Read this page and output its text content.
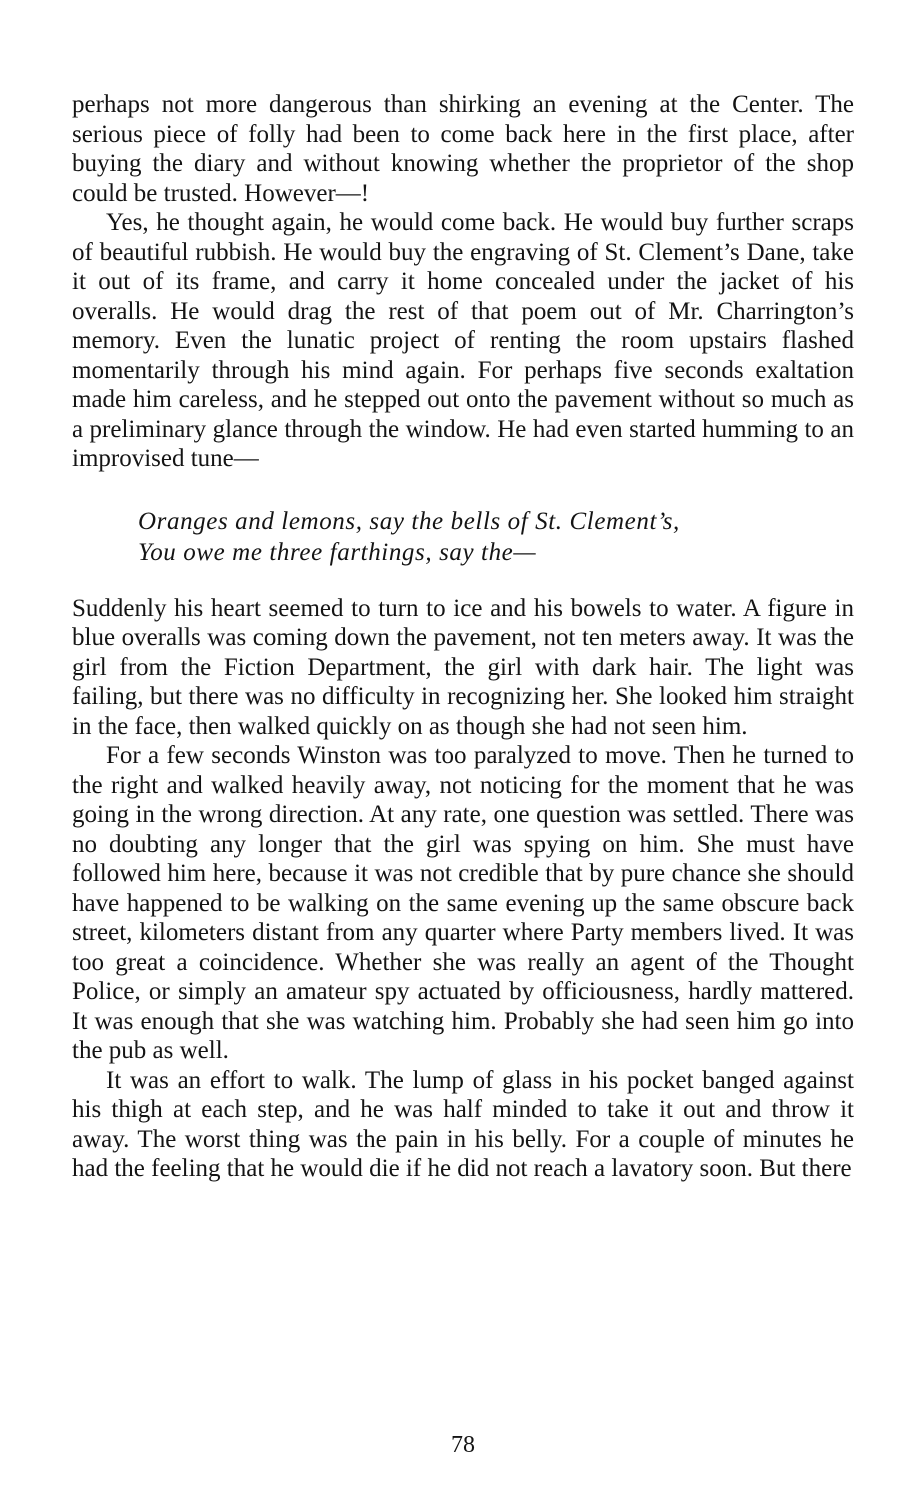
perhaps not more dangerous than shirking an evening at the Center. The serious piece of folly had been to come back here in the first place, after buying the diary and without knowing whether the proprietor of the shop could be trusted. However—!

Yes, he thought again, he would come back. He would buy further scraps of beautiful rubbish. He would buy the engraving of St. Clement’s Dane, take it out of its frame, and carry it home concealed under the jacket of his overalls. He would drag the rest of that poem out of Mr. Charrington’s memory. Even the lunatic project of renting the room upstairs flashed momentarily through his mind again. For perhaps five seconds exaltation made him careless, and he stepped out onto the pavement without so much as a preliminary glance through the window. He had even started humming to an improvised tune—

Oranges and lemons, say the bells of St. Clement’s,
You owe me three farthings, say the—

Suddenly his heart seemed to turn to ice and his bowels to water. A figure in blue overalls was coming down the pavement, not ten meters away. It was the girl from the Fiction Department, the girl with dark hair. The light was failing, but there was no difficulty in recognizing her. She looked him straight in the face, then walked quickly on as though she had not seen him.

For a few seconds Winston was too paralyzed to move. Then he turned to the right and walked heavily away, not noticing for the moment that he was going in the wrong direction. At any rate, one question was settled. There was no doubting any longer that the girl was spying on him. She must have followed him here, because it was not credible that by pure chance she should have happened to be walking on the same evening up the same obscure back street, kilometers distant from any quarter where Party members lived. It was too great a coincidence. Whether she was really an agent of the Thought Police, or simply an amateur spy actuated by officiousness, hardly mattered. It was enough that she was watching him. Probably she had seen him go into the pub as well.

It was an effort to walk. The lump of glass in his pocket banged against his thigh at each step, and he was half minded to take it out and throw it away. The worst thing was the pain in his belly. For a couple of minutes he had the feeling that he would die if he did not reach a lavatory soon. But there

78
